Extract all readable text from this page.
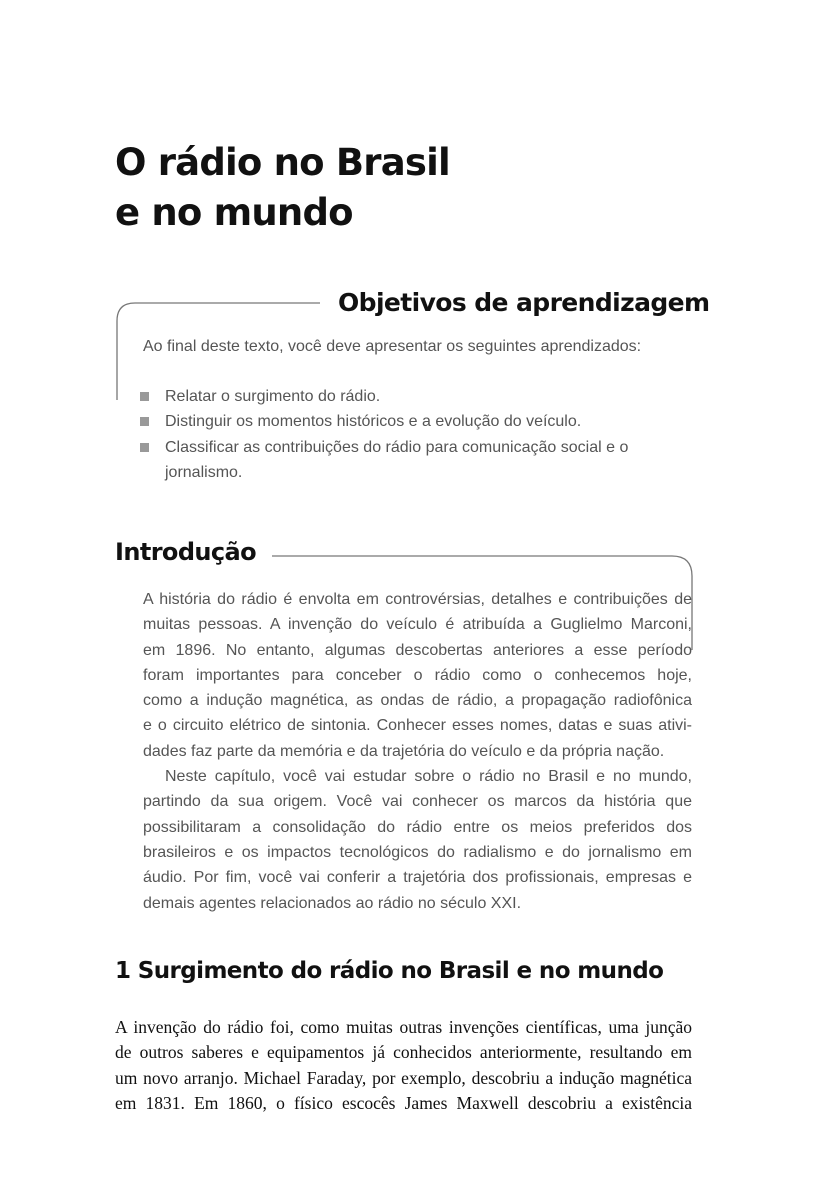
O rádio no Brasil
e no mundo
Objetivos de aprendizagem
Ao final deste texto, você deve apresentar os seguintes aprendizados:
Relatar o surgimento do rádio.
Distinguir os momentos históricos e a evolução do veículo.
Classificar as contribuições do rádio para comunicação social e o jornalismo.
Introdução
A história do rádio é envolta em controvérsias, detalhes e contribuições de
muitas pessoas. A invenção do veículo é atribuída a Guglielmo Marconi,
em 1896. No entanto, algumas descobertas anteriores a esse período
foram importantes para conceber o rádio como o conhecemos hoje,
como a indução magnética, as ondas de rádio, a propagação radiofônica
e o circuito elétrico de sintonia. Conhecer esses nomes, datas e suas ativi-
dades faz parte da memória e da trajetória do veículo e da própria nação.
Neste capítulo, você vai estudar sobre o rádio no Brasil e no mundo,
partindo da sua origem. Você vai conhecer os marcos da história que
possibilitaram a consolidação do rádio entre os meios preferidos dos
brasileiros e os impactos tecnológicos do radialismo e do jornalismo em
áudio. Por fim, você vai conferir a trajetória dos profissionais, empresas e
demais agentes relacionados ao rádio no século XXI.
1 Surgimento do rádio no Brasil e no mundo
A invenção do rádio foi, como muitas outras invenções científicas, uma junção
de outros saberes e equipamentos já conhecidos anteriormente, resultando em
um novo arranjo. Michael Faraday, por exemplo, descobriu a indução magnética
em 1831. Em 1860, o físico escocês James Maxwell descobriu a existência
